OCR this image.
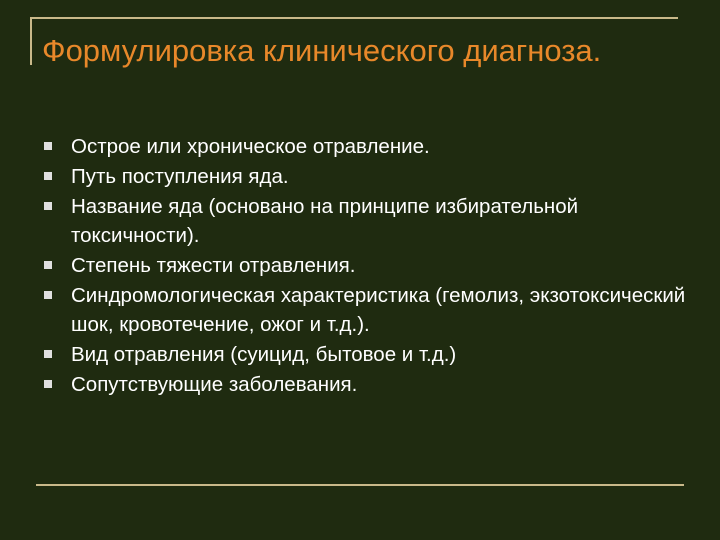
Формулировка клинического диагноза.
Острое или хроническое отравление.
Путь поступления яда.
Название яда (основано на принципе избирательной токсичности).
Степень тяжести отравления.
Синдромологическая характеристика (гемолиз, экзотоксический шок, кровотечение, ожог и т.д.).
Вид отравления (суицид, бытовое и т.д.)
Сопутствующие заболевания.
